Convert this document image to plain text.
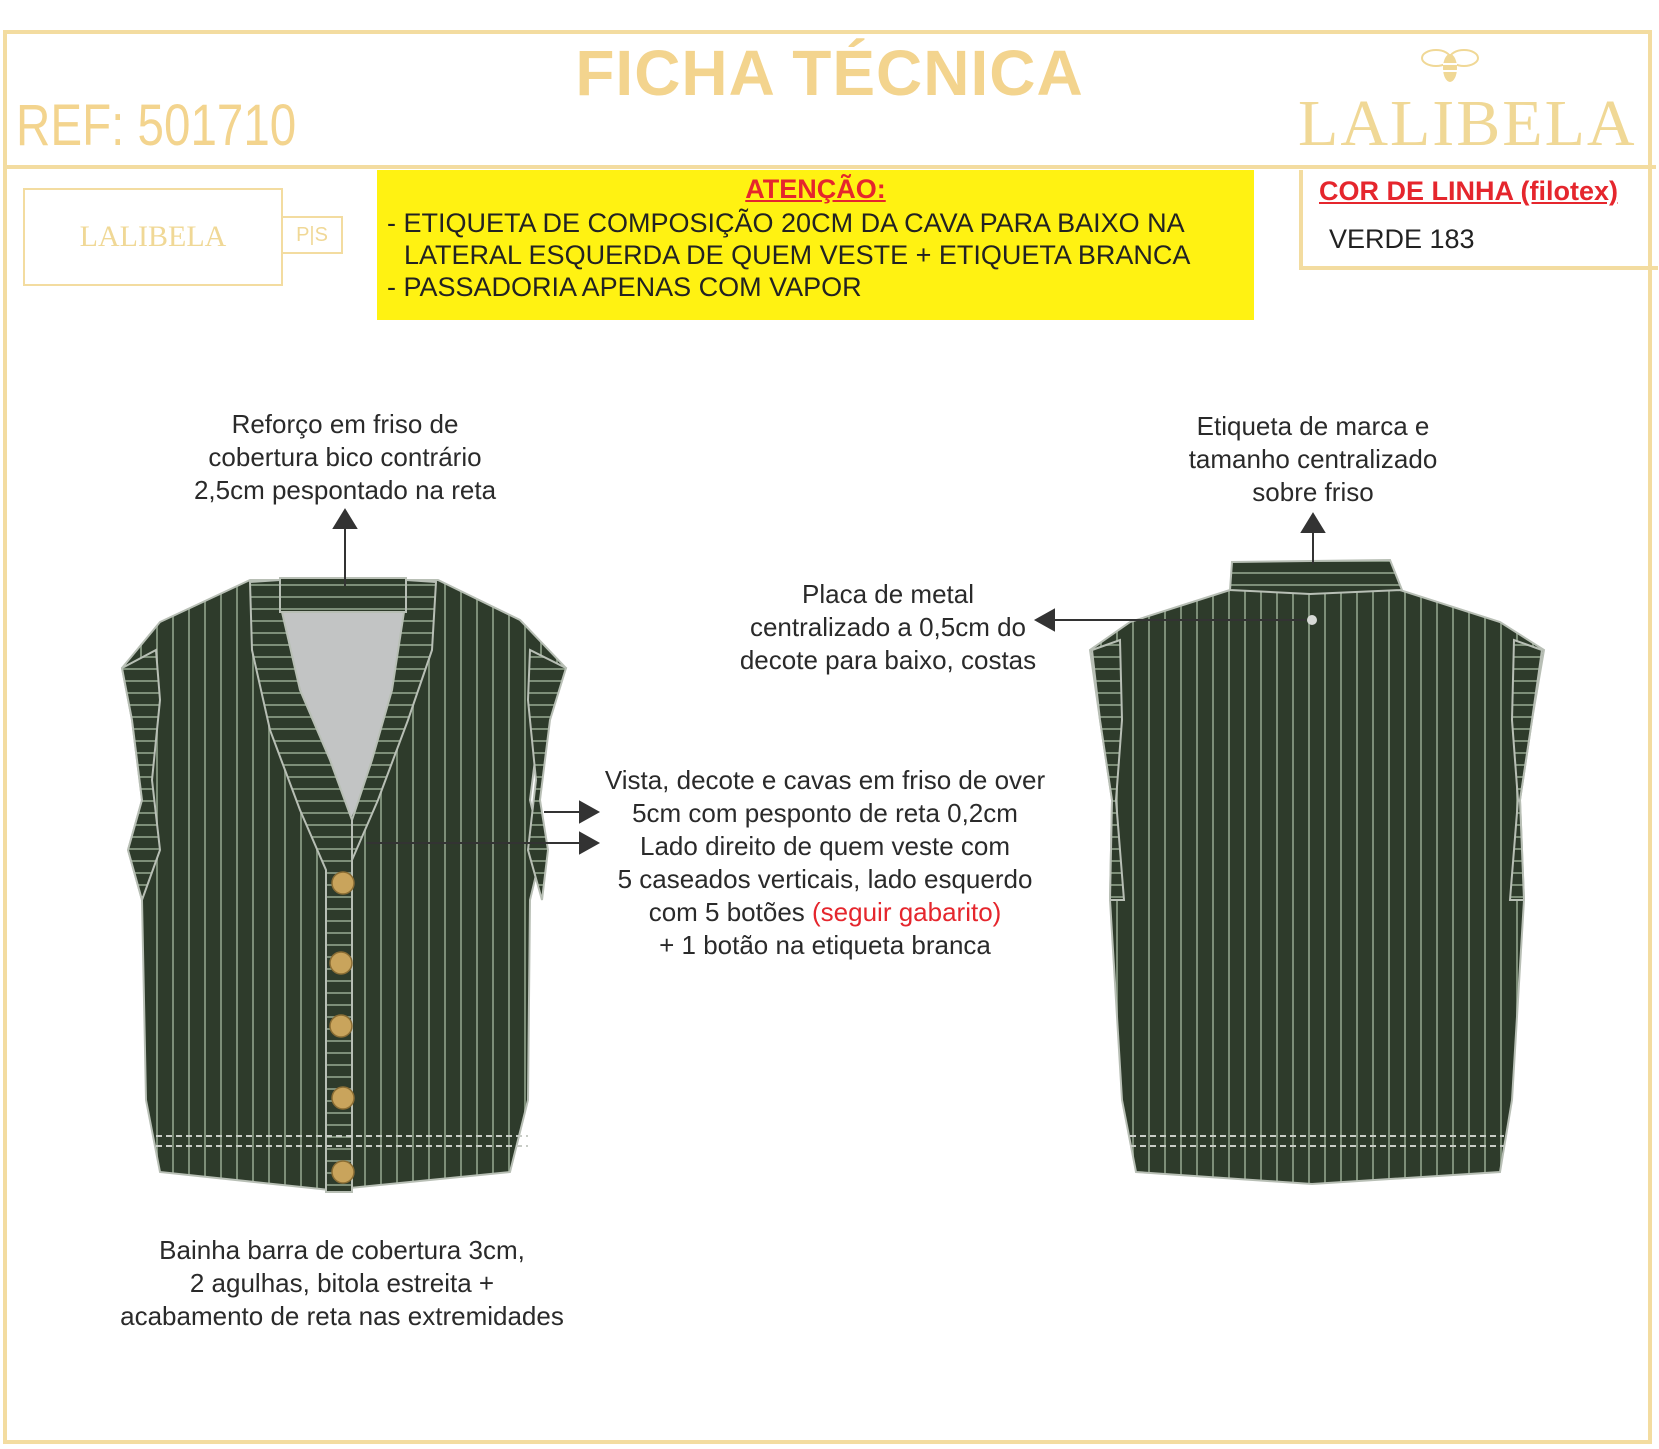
FICHA TÉCNICA
REF: 501710	LALIBELA
LALIBELA	P|S
ATENÇÃO:
- ETIQUETA DE COMPOSIÇÃO 20CM DA CAVA PARA BAIXO NA
LATERAL ESQUERDA DE QUEM VESTE + ETIQUETA BRANCA
- PASSADORIA APENAS COM VAPOR
COR DE LINHA (filotex)
VERDE 183
Reforço em friso de
cobertura bico contrário
2,5cm pespontado na reta
Etiqueta de marca e
tamanho centralizado
sobre friso
Placa de metal
centralizado a 0,5cm do
decote para baixo, costas
Vista, decote e cavas em friso de over
5cm com pesponto de reta 0,2cm
Lado direito de quem veste com
5 caseados verticais, lado esquerdo
com 5 botões (seguir gabarito)
+ 1 botão na etiqueta branca
Bainha barra de cobertura 3cm,
2 agulhas, bitola estreita +
acabamento de reta nas extremidades
